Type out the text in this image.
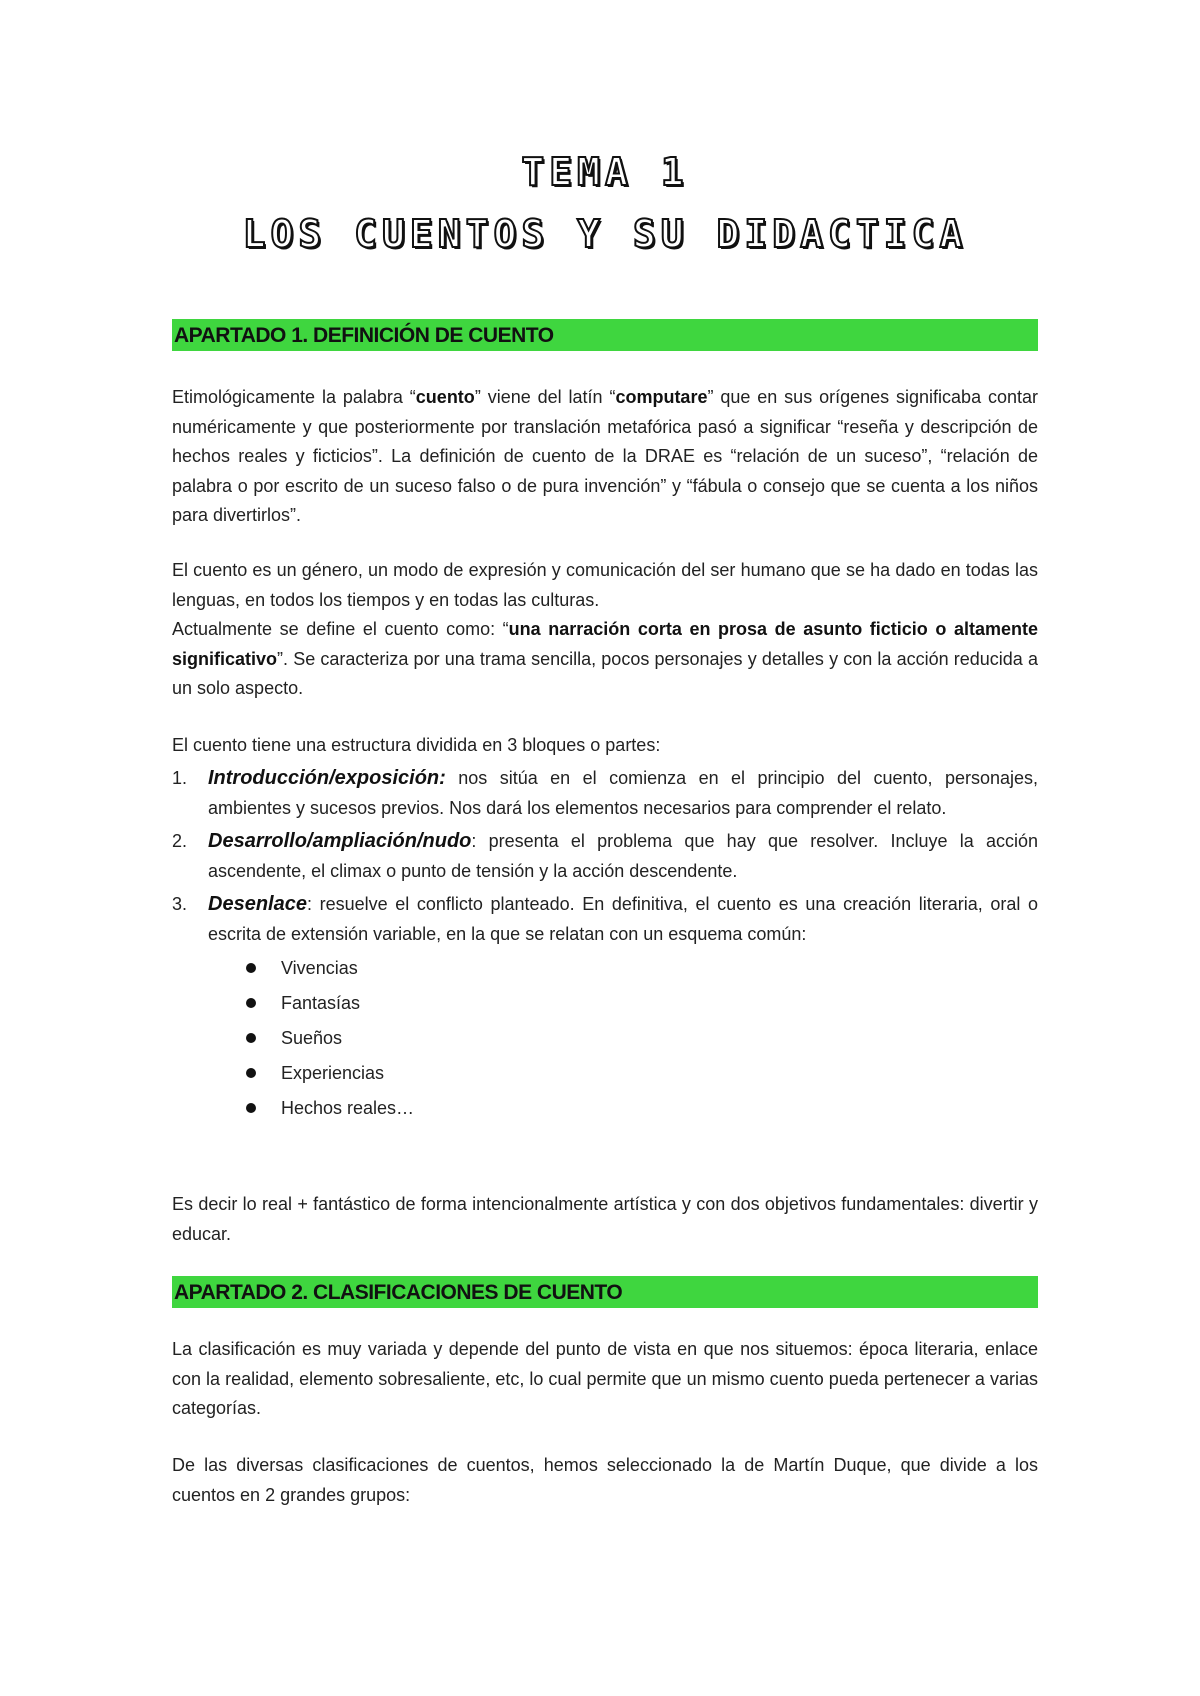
TEMA 1
LOS CUENTOS Y SU DIDACTICA
APARTADO 1. DEFINICIÓN DE CUENTO
Etimológicamente la palabra “cuento” viene del latín “computare” que en sus orígenes significaba contar numéricamente y que posteriormente por translación metafórica pasó a significar “reseña y descripción de hechos reales y ficticios”. La definición de cuento de la DRAE es “relación de un suceso”, “relación de palabra o por escrito de un suceso falso o de pura invención” y “fábula o consejo que se cuenta a los niños para divertirlos”.
El cuento es un género, un modo de expresión y comunicación del ser humano que se ha dado en todas las lenguas, en todos los tiempos y en todas las culturas.
Actualmente se define el cuento como: “una narración corta en prosa de asunto ficticio o altamente significativo”. Se caracteriza por una trama sencilla, pocos personajes y detalles y con la acción reducida a un solo aspecto.
El cuento tiene una estructura dividida en 3 bloques o partes:
1. Introducción/exposición: nos sitúa en el comienza en el principio del cuento, personajes, ambientes y sucesos previos. Nos dará los elementos necesarios para comprender el relato.
2. Desarrollo/ampliación/nudo: presenta el problema que hay que resolver. Incluye la acción ascendente, el climax o punto de tensión y la acción descendente.
3. Desenlace: resuelve el conflicto planteado. En definitiva, el cuento es una creación literaria, oral o escrita de extensión variable, en la que se relatan con un esquema común:
Vivencias
Fantasías
Sueños
Experiencias
Hechos reales…
Es decir lo real + fantástico de forma intencionalmente artística y con dos objetivos fundamentales: divertir y educar.
APARTADO 2. CLASIFICACIONES DE CUENTO
La clasificación es muy variada y depende del punto de vista en que nos situemos: época literaria, enlace con la realidad, elemento sobresaliente, etc, lo cual permite que un mismo cuento pueda pertenecer a varias categorías.
De las diversas clasificaciones de cuentos, hemos seleccionado la de Martín Duque, que divide a los cuentos en 2 grandes grupos:
